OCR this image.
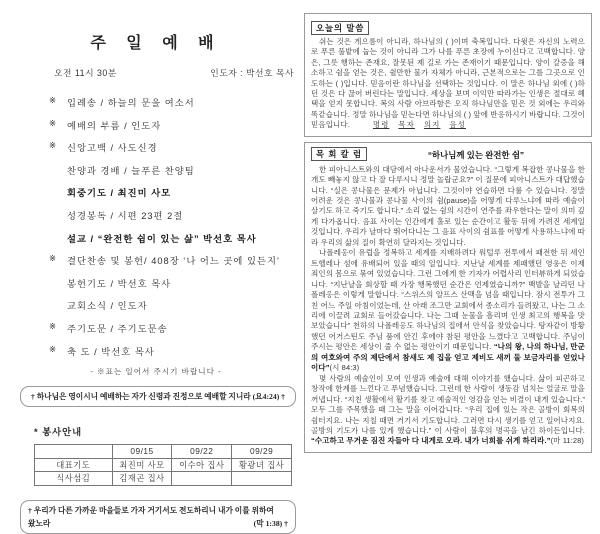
주 일 예 배
오전 11시 30분	인도자 : 박선호 목사
※ 입례송 / 하늘의 문을 여소서
※ 예배의 부름 / 인도자
※ 신앙고백 / 사도신경
찬양과 경배 / 늘푸른 찬양팀
회중기도 / 최진미 사모
성경봉독 / 시편 23편 2절
설교 / “완전한 쉼이 있는 삶” 박선호 목사
※ 결단찬송 및 봉헌/ 408장 ‘나 어느 곳에 있든지’
봉헌기도 / 박선호 목사
교회소식 / 인도자
※ 주기도문 / 주기도문송
※ 축 도 / 박선호 목사
- ※표는 일어서 주시기 바랍니다 -
† 하나님은 영이시니 예배하는 자가 신령과 진정으로 예배할 지니라 (요4:24) †
* 봉사안내
	09/15	09/22	09/29
대표기도	최진미 사모	이수아 집사	황광녀 집사
식사섬김	김재곤 집사		
† 우리가 다른 가까운 마을들로 가자 거기서도 전도하리니 내가 이를 위하여
왔노라	(막 1:38) †
오늘의 말씀
쉬는 것은 게으름이 아니라, 하나님의 ( )이며 축복입니다. 다윗은 자신의 노력으로 푸른 풀밭에 눕는 것이 아니라 그가 나를 푸른 초장에 누이신다고 고백합니다. 양은, 그릇 행하는 존재요, 잘못된 제 길로 가는 존재이기 때문입니다. 양이 갈증을 해소하고 쉼을 얻는 것은, 쉴만한 물가 자체가 아니라, 근본적으로는 그를 그곳으로 인도하는 ( )입니다. 믿음이란 하나님을 선택하는 것입니다. 이 말은 하나님 외에 ( )하던 것은 다 끊어 버린다는 말입니다. 세상을 보며 이익만 따라가는 인생은 절대로 혜택을 얻지 못합니다. 복의 사람 아브라함은 오직 하나님만을 믿은 것 외에는 우리와 똑같습니다. 정말 하나님을 믿는다면 하나님의 ( ) 앞에 반응하시기 바랍니다. 그것이 믿음입니다.	명령 목자 의지 음성
목 회 칼 럼	“하나님께 있는 완전한 쉼”
한 피아니스트와의 대담에서 아나운서가 물었습니다. “그렇게 복잡한 콩나물을 한 개도 빼놓지 않고 다 잘 다루시니 정말 놀랍군요?” 이 질문에 피아니스트가 대답했습니다. “실은 콩나물은 문제가 아닙니다. 그것이야 연습하면 다룰 수 있습니다. 정말 어려운 것은 콩나물과 콩나물 사이의 쉼(pause)을 어떻게 다루느냐에 따라 예술이 살기도 하고 죽기도 합니다.” 소리 없는 쉼의 시간이 연주를 좌우한다는 말이 의미 깊게 다가옵니다. 음표 사이는 인간에게 홀로 있는 순간이고 활동 뒤에 가려진 세계일 것입니다. 우리가 날마다 뛰어다니는 그 음표 사이의 쉼표를 어떻게 사용하느냐에 따라 우리의 삶의 질이 확연히 달라지는 것입니다.
나폴레옹이 유럽을 정복하고 세계를 지배하려다 워털루 전투에서 패전한 뒤 세인트헬레나 섬에 유배되어 있을 때의 일입니다. 지난날 세계를 제패했던 영웅은 이제 죄인의 몸으로 묶여 있었습니다. 그런 그에게 한 기자가 어렵사리 인터뷰하게 되었습니다. “지난날을 회상할 때 가장 행복했던 순간은 언제였습니까?” 백발을 날리던 나폴레옹은 이렇게 말합니다. “스위스의 알프스 산맥을 넘을 때입니다. 잠시 전투가 그친 어느 주일 아침이었는데, 산 아래 조그만 교회에서 종소리가 들려왔고, 나는 그 소리에 이끌려 교회로 들어갔습니다. 나는 그때 눈물을 흘리며 인생 최고의 행복을 맛보았습니다” 천하의 나폴레옹도 하나님의 집에서 안식을 찾았습니다. 탕자같이 방황했던 어거스틴도 주님 품에 안긴 후에야 참된 평안을 느꼈다고 고백합니다. 주님이 주시는 평안은 세상이 줄 수 없는 평안이기 때문입니다. “나의 왕, 나의 하나님, 만군의 여호와여 주의 제단에서 참새도 제 집을 얻고 제비도 새끼 둘 보금자리를 얻었나이다”(시 84:3)
몇 사람의 예술인이 모여 인생과 예술에 대해 이야기를 했습니다. 삶이 피곤하고 창작에 한계를 느낀다고 푸념했습니다. 그런데 한 사람이 생동감 넘치는 얼굴로 말을 꺼냅니다. “지친 생활에서 활기를 찾고 예술적인 영감을 얻는 비결이 내게 있습니다.” 모두 그를 주목했을 때 그는 말을 이어갑니다. “우리 집에 있는 작은 골방이 회복의 쉼터지요. 나는 지칠 때면 거기서 기도합니다. 그러면 다시 생기를 얻고 일어나지요. 골방의 기도가 나를 있게 했습니다.” 이 사람이 불후의 명곡을 남긴 하이든입니다. “수고하고 무거운 짐진 자들아 다 내게로 오라. 내가 너희를 쉬게 하리라.”(마 11:28)
